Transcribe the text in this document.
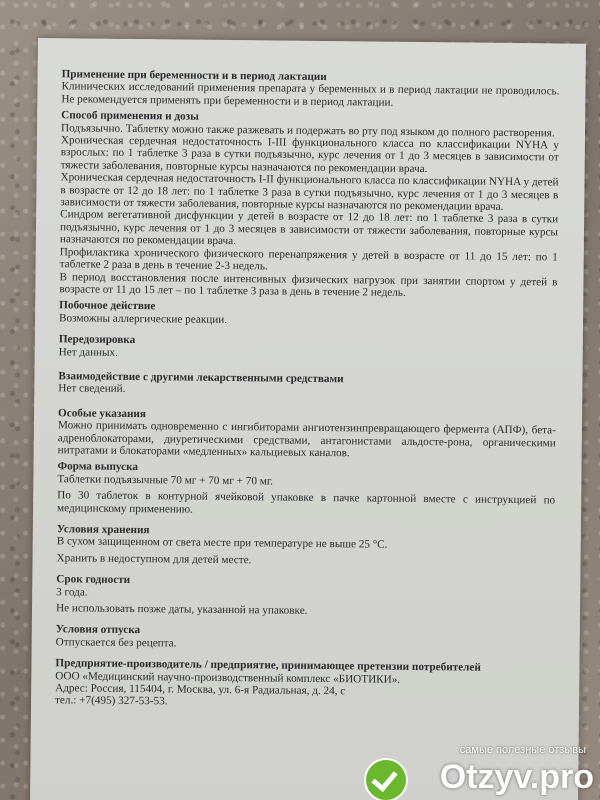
Применение при беременности и в период лактации

Клинических исследований применения препарата у беременных и в период лактации не проводилось. Не рекомендуется применять при беременности и в период лактации.

Способ применения и дозы

Подъязычно. Таблетку можно также разжевать и подержать во рту под языком до полного растворения.

Хроническая сердечная недостаточность I-III функционального класса по классификации NYHA у взрослых: по 1 таблетке 3 раза в сутки подъязычно, курс лечения от 1 до 3 месяцев в зависимости от тяжести заболевания, повторные курсы назначаются по рекомендации врача.

Хроническая сердечная недостаточность I-II функционального класса по классификации NYHA у детей в возрасте от 12 до 18 лет: по 1 таблетке 3 раза в сутки подъязычно, курс лечения от 1 до 3 месяцев в зависимости от тяжести заболевания, повторные курсы назначаются по рекомендации врача.

Синдром вегетативной дисфункции у детей в возрасте от 12 до 18 лет: по 1 таблетке 3 раза в сутки подъязычно, курс лечения от 1 до 3 месяцев в зависимости от тяжести заболевания, повторные курсы назначаются по рекомендации врача.

Профилактика хронического физического перенапряжения у детей в возрасте от 11 до 15 лет: по 1 таблетке 2 раза в день в течение 2-3 недель.

В период восстановления после интенсивных физических нагрузок при занятии спортом у детей в возрасте от 11 до 15 лет – по 1 таблетке 3 раза в день в течение 2 недель.

Побочное действие

Возможны аллергические реакции.

Передозировка

Нет данных.

Взаимодействие с другими лекарственными средствами

Нет сведений.

Особые указания

Можно принимать одновременно с ингибиторами ангиотензинпревращающего фермента (АПФ), бета-адреноблокаторами, диуретическими средствами, антагонистами альдосте-рона, органическими нитратами и блокаторами «медленных» кальциевых каналов.

Форма выпуска

Таблетки подъязычные 70 мг + 70 мг + 70 мг.

По 30 таблеток в контурной ячейковой упаковке в пачке картонной вместе с инструкцией по медицинскому применению.

Условия хранения

В сухом защищенном от света месте при температуре не выше 25 °С.

Хранить в недоступном для детей месте.

Срок годности

3 года.

Не использовать позже даты, указанной на упаковке.

Условия отпуска

Отпускается без рецепта.

Предприятие-производитель / предприятие, принимающее претензии потребителей

ООО «Медицинский научно-производственный комплекс «БИОТИКИ».

Адрес: Россия, 115404, г. Москва, ул. 6-я Радиальная, д. 24, с

тел.: +7(495) 327-53-53.

самые полезные отзывы
Otzyv.pro
